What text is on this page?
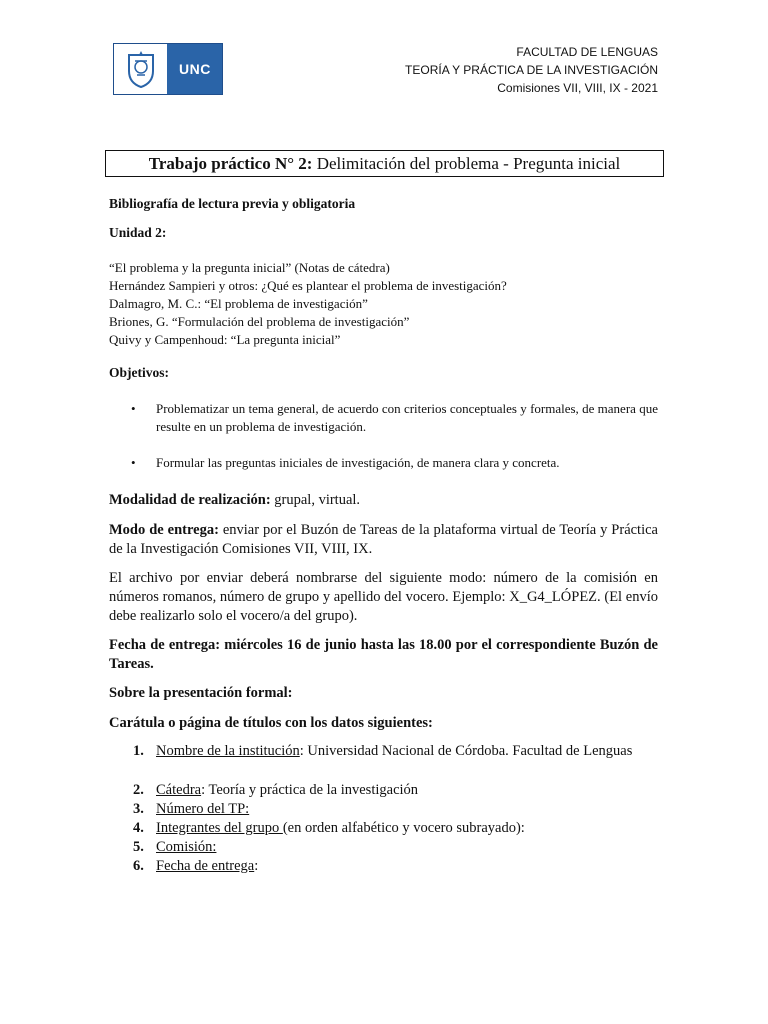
UNC
FACULTAD DE LENGUAS
TEORÍA Y PRÁCTICA DE LA INVESTIGACIÓN
Comisiones VII, VIII, IX - 2021
Trabajo práctico N° 2: Delimitación del problema - Pregunta inicial
Bibliografía de lectura previa y obligatoria
Unidad 2:
“El problema y la pregunta inicial” (Notas de cátedra)
Hernández Sampieri y otros: ¿Qué es plantear el problema de investigación?
Dalmagro, M. C.: “El problema de investigación”
Briones, G. “Formulación del problema de investigación”
Quivy y Campenhoud: “La pregunta inicial”
Objetivos:
• Problematizar un tema general, de acuerdo con criterios conceptuales y formales, de manera que resulte en un problema de investigación.
• Formular las preguntas iniciales de investigación, de manera clara y concreta.
Modalidad de realización: grupal, virtual.
Modo de entrega: enviar por el Buzón de Tareas de la plataforma virtual de Teoría y Práctica de la Investigación Comisiones VII, VIII, IX.
El archivo por enviar deberá nombrarse del siguiente modo: número de la comisión en números romanos, número de grupo y apellido del vocero. Ejemplo: X_G4_LÓPEZ. (El envío debe realizarlo solo el vocero/a del grupo).
Fecha de entrega: miércoles 16 de junio hasta las 18.00 por el correspondiente Buzón de Tareas.
Sobre la presentación formal:
Carátula o página de títulos con los datos siguientes:
1. Nombre de la institución: Universidad Nacional de Córdoba. Facultad de Lenguas
2. Cátedra: Teoría y práctica de la investigación
3. Número del TP:
4. Integrantes del grupo (en orden alfabético y vocero subrayado):
5. Comisión:
6. Fecha de entrega:
